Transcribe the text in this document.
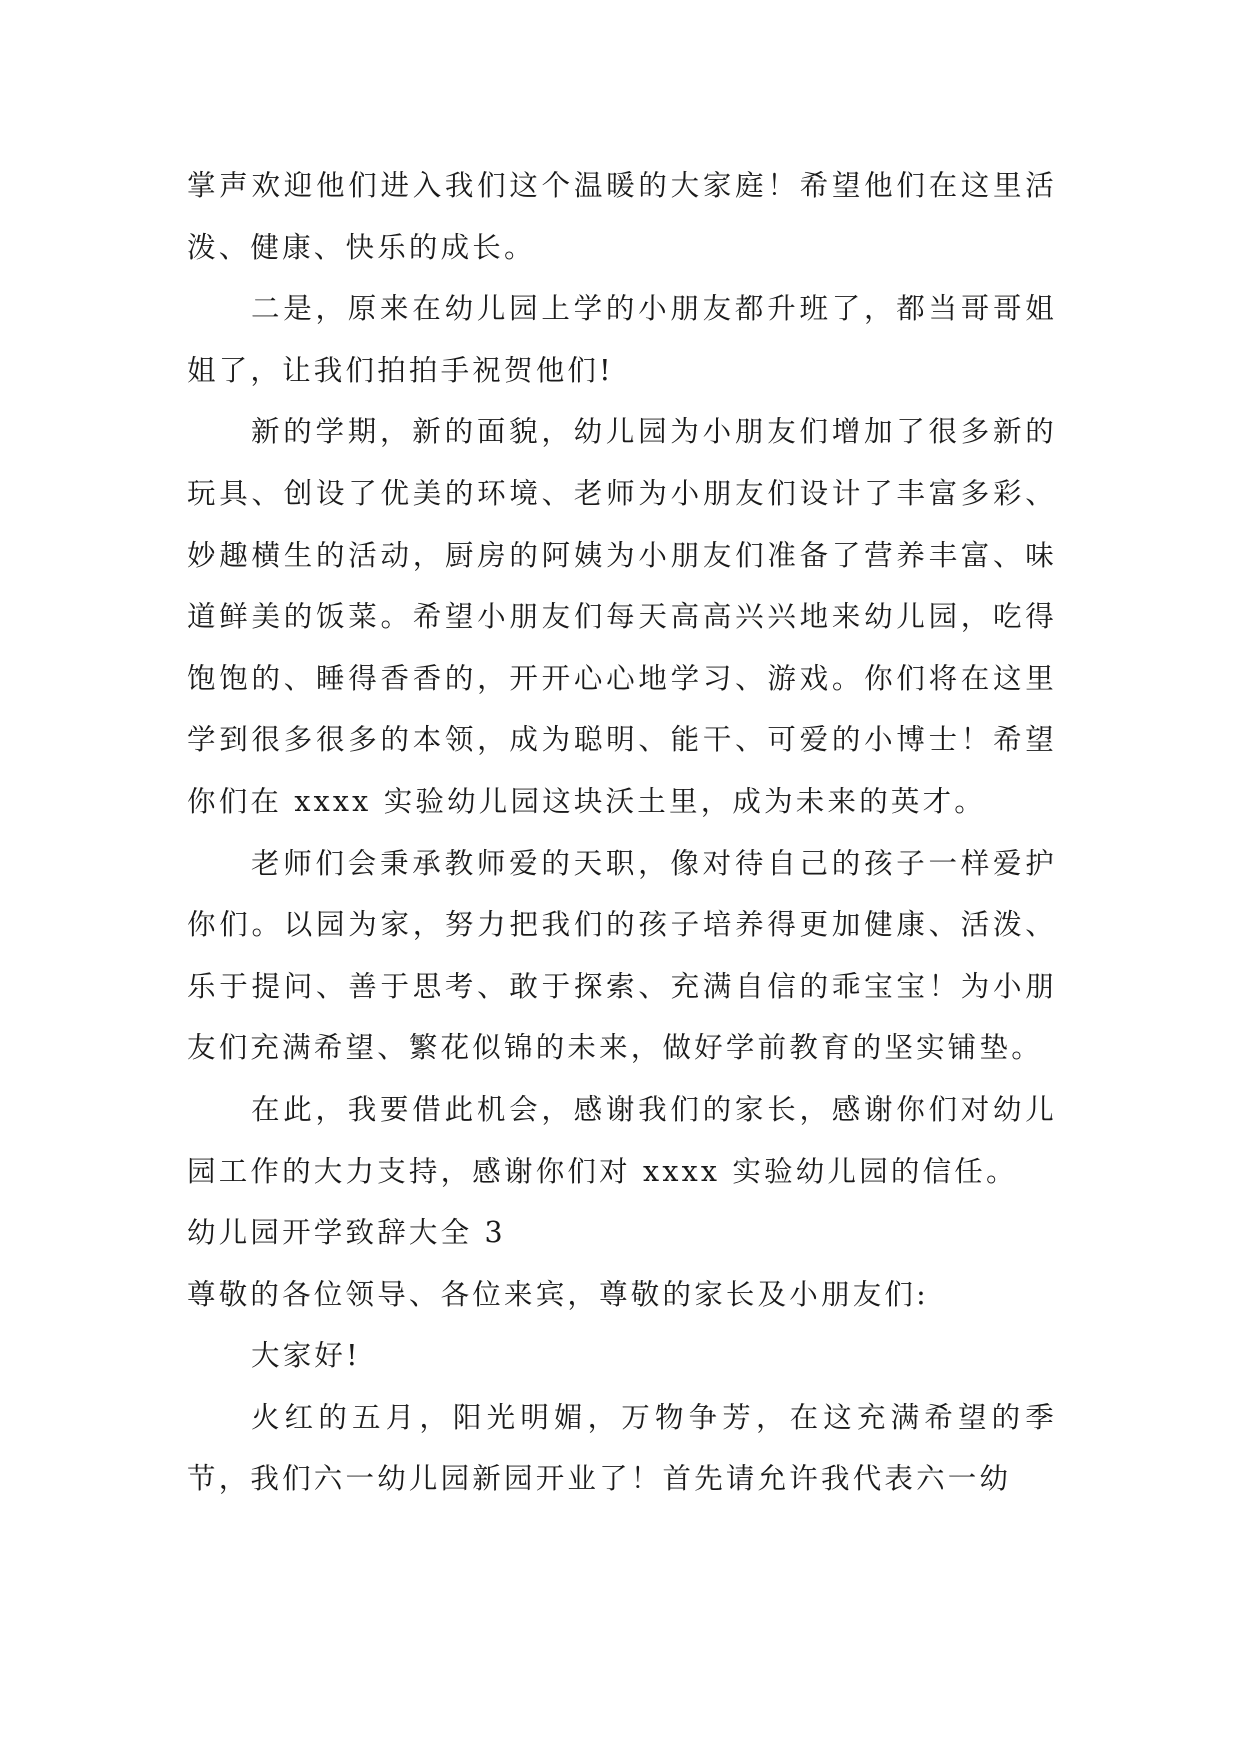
掌声欢迎他们进入我们这个温暖的大家庭！希望他们在这里活泼、健康、快乐的成长。

二是，原来在幼儿园上学的小朋友都升班了，都当哥哥姐姐了，让我们拍拍手祝贺他们!

新的学期，新的面貌，幼儿园为小朋友们增加了很多新的玩具、创设了优美的环境、老师为小朋友们设计了丰富多彩、妙趣横生的活动，厨房的阿姨为小朋友们准备了营养丰富、味道鲜美的饭菜。希望小朋友们每天高高兴兴地来幼儿园，吃得饱饱的、睡得香香的，开开心心地学习、游戏。你们将在这里学到很多很多的本领，成为聪明、能干、可爱的小博士！希望你们在 xxxx 实验幼儿园这块沃土里，成为未来的英才。

老师们会秉承教师爱的天职，像对待自己的孩子一样爱护你们。以园为家，努力把我们的孩子培养得更加健康、活泼、乐于提问、善于思考、敢于探索、充满自信的乖宝宝！为小朋友们充满希望、繁花似锦的未来，做好学前教育的坚实铺垫。

在此，我要借此机会，感谢我们的家长，感谢你们对幼儿园工作的大力支持，感谢你们对 xxxx 实验幼儿园的信任。

幼儿园开学致辞大全 3

尊敬的各位领导、各位来宾，尊敬的家长及小朋友们:

大家好!

火红的五月，阳光明媚，万物争芳，在这充满希望的季节，我们六一幼儿园新园开业了！首先请允许我代表六一幼
